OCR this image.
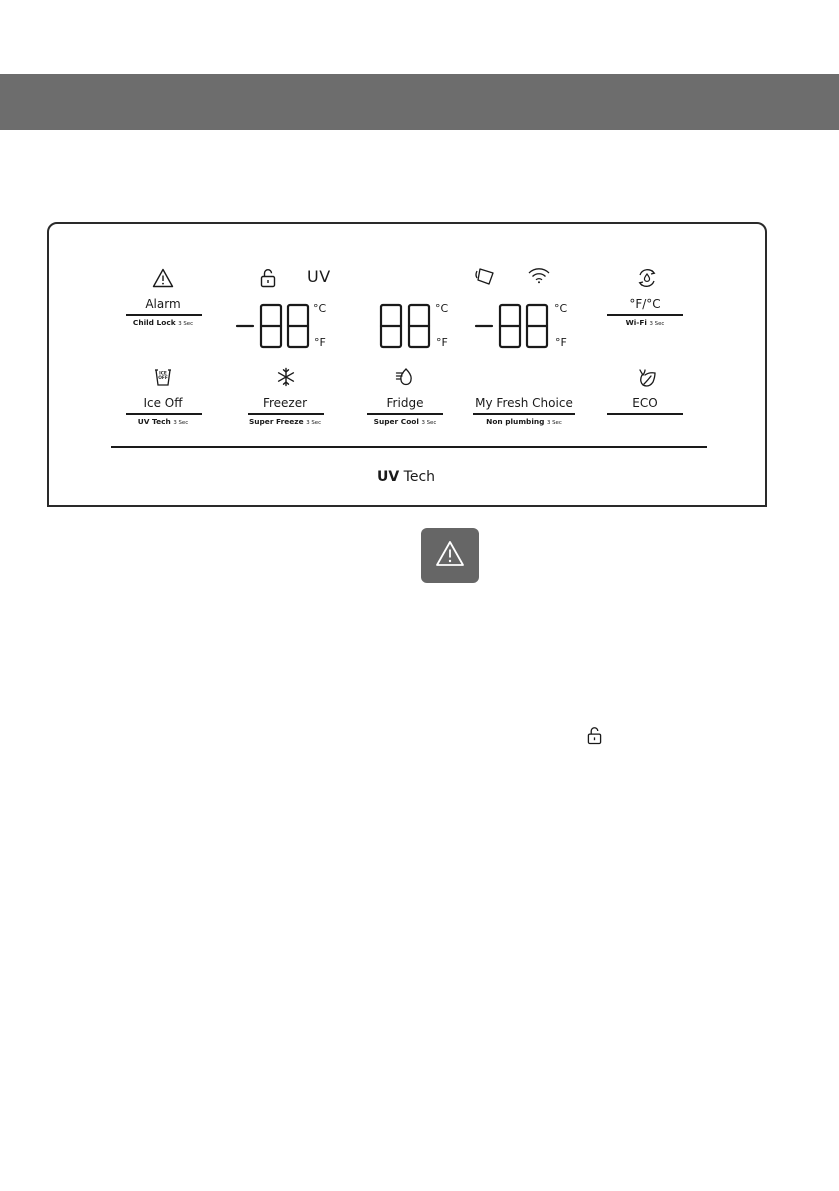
Alarm
Child Lock 3 Sec
UV
°C
°F
°C
°F
°C
°F
°F/°C
Wi-Fi 3 Sec
ICE
OFF
Ice Off
UV Tech 3 Sec
Freezer
Super Freeze 3 Sec
Fridge
Super Cool 3 Sec
My Fresh Choice
Non plumbing 3 Sec
ECO
UV Tech
